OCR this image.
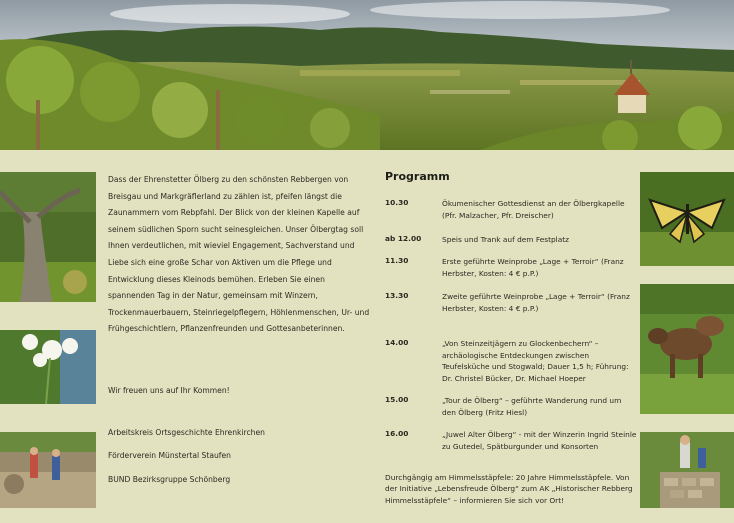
Dass der Ehrenstetter Ölberg zu den schönsten Rebbergen von Breisgau und Markgräflerland zu zählen ist, pfeifen längst die Zaunammern vom Rebpfahl. Der Blick von der kleinen Kapelle auf seinem südlichen Sporn sucht seinesgleichen. Unser Ölbergtag soll Ihnen verdeutlichen, mit wieviel Engagement, Sachverstand und Liebe sich eine große Schar von Aktiven um die Pflege und Entwicklung dieses Kleinods bemühen. Erleben Sie einen spannenden Tag in der Natur, gemeinsam mit Winzern, Trockenmauerbauern, Steinriegelpflegern, Höhlenmenschen, Ur- und Frühgeschichtlern, Pflanzenfreunden und Gottesanbeterinnen.

Wir freuen uns auf Ihr Kommen!
Arbeitskreis Ortsgeschichte Ehrenkirchen
Förderverein Münstertal Staufen
BUND Bezirksgruppe Schönberg
Programm
10.30	Ökumenischer Gottesdienst an der Ölbergkapelle (Pfr. Malzacher, Pfr. Dreischer)
ab 12.00	Speis und Trank auf dem Festplatz
11.30	Erste geführte Weinprobe „Lage + Terroir“ (Franz Herbster, Kosten: 4 € p.P.)
13.30	Zweite geführte Weinprobe „Lage + Terroir“ (Franz Herbster, Kosten: 4 € p.P.)
14.00	„Von Steinzeitjägern zu Glockenbechern“ – archäologische Entdeckungen zwischen Teufelsküche und Stogwald; Dauer 1,5 h; Führung: Dr. Christel Bücker, Dr. Michael Hoeper
15.00	„Tour de Ölberg“ – geführte Wanderung rund um den Ölberg (Fritz Hiesl)
16.00	„Juwel Alter Ölberg“ - mit der Winzerin Ingrid Steinle zu Gutedel, Spätburgunder und Konsorten
Durchgängig am Himmelsstäpfele: 20 Jahre Himmelsstäpfele. Von der Initiative „Lebensfreude Ölberg“ zum AK „Historischer Rebberg Himmelsstäpfele“ – informieren Sie sich vor Ort!
